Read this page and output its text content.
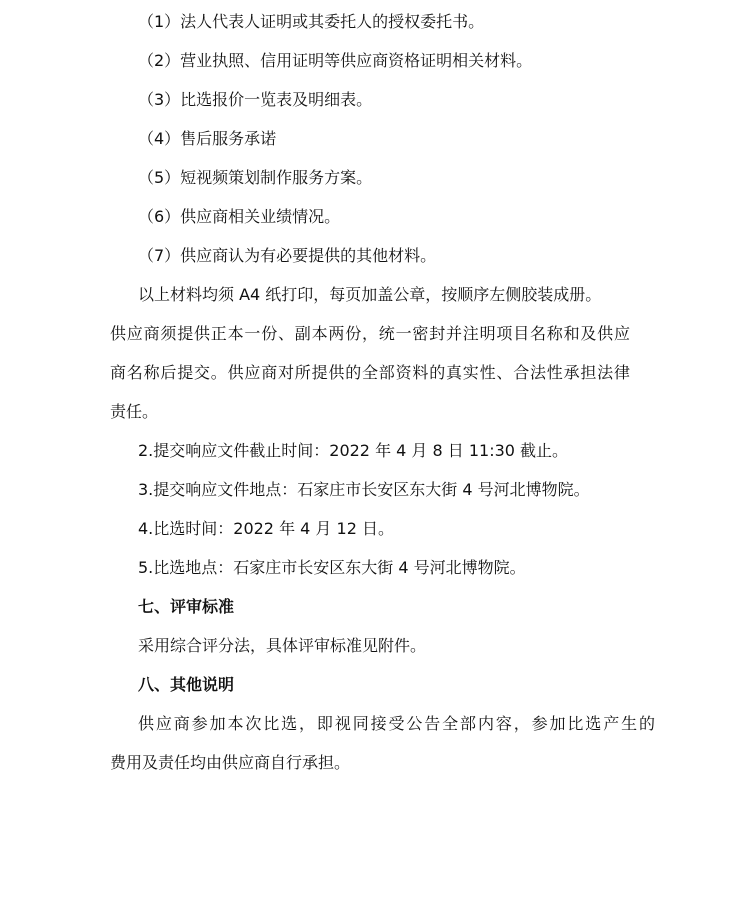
（1）法人代表人证明或其委托人的授权委托书。
（2）营业执照、信用证明等供应商资格证明相关材料。
（3）比选报价一览表及明细表。
（4）售后服务承诺
（5）短视频策划制作服务方案。
（6）供应商相关业绩情况。
（7）供应商认为有必要提供的其他材料。
以上材料均须 A4 纸打印，每页加盖公章，按顺序左侧胶装成册。
供应商须提供正本一份、副本两份，统一密封并注明项目名称和及供应
商名称后提交。供应商对所提供的全部资料的真实性、合法性承担法律
责任。
2.提交响应文件截止时间：2022 年 4 月 8 日 11:30 截止。
3.提交响应文件地点：石家庄市长安区东大街 4 号河北博物院。
4.比选时间：2022 年 4 月 12 日。
5.比选地点：石家庄市长安区东大街 4 号河北博物院。
七、评审标准
采用综合评分法，具体评审标准见附件。
八、其他说明
供应商参加本次比选，即视同接受公告全部内容，参加比选产生的
费用及责任均由供应商自行承担。
